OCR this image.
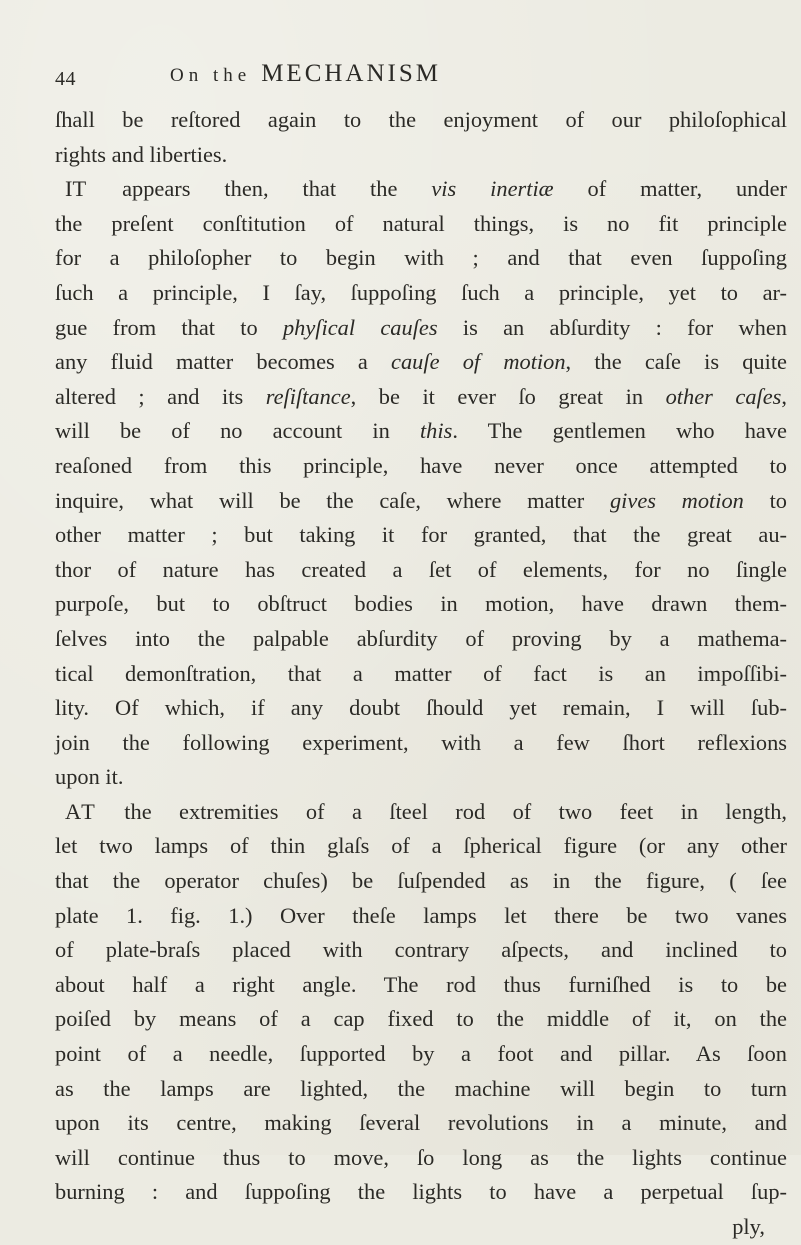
44	On the MECHANISM
ſhall be reſtored again to the enjoyment of our philoſophical
rights and liberties.
IT appears then, that the vis inertiæ of matter, under
the preſent conſtitution of natural things, is no fit principle
for a philoſopher to begin with ; and that even ſuppoſing
ſuch a principle, I ſay, ſuppoſing ſuch a principle, yet to ar-
gue from that to phyſical cauſes is an abſurdity : for when
any fluid matter becomes a cauſe of motion, the caſe is quite
altered ; and its reſiſtance, be it ever ſo great in other caſes,
will be of no account in this. The gentlemen who have
reaſoned from this principle, have never once attempted to
inquire, what will be the caſe, where matter gives motion to
other matter ; but taking it for granted, that the great au-
thor of nature has created a ſet of elements, for no ſingle
purpoſe, but to obſtruct bodies in motion, have drawn them-
ſelves into the palpable abſurdity of proving by a mathema-
tical demonſtration, that a matter of fact is an impoſſibi-
lity. Of which, if any doubt ſhould yet remain, I will ſub-
join the following experiment, with a few ſhort reflexions
upon it.
AT the extremities of a ſteel rod of two feet in length,
let two lamps of thin glaſs of a ſpherical figure (or any other
that the operator chuſes) be ſuſpended as in the figure, ( ſee
plate 1. fig. 1.) Over theſe lamps let there be two vanes
of plate-braſs placed with contrary aſpects, and inclined to
about half a right angle. The rod thus furniſhed is to be
poiſed by means of a cap fixed to the middle of it, on the
point of a needle, ſupported by a foot and pillar. As ſoon
as the lamps are lighted, the machine will begin to turn
upon its centre, making ſeveral revolutions in a minute, and
will continue thus to move, ſo long as the lights continue
burning : and ſuppoſing the lights to have a perpetual ſup-
ply,
